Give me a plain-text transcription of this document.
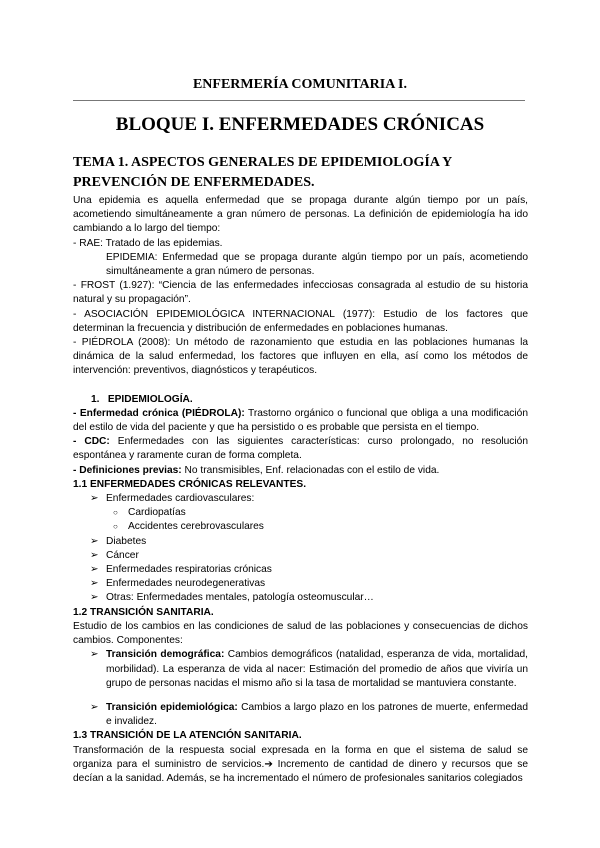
ENFERMERÍA COMUNITARIA I.
BLOQUE I. ENFERMEDADES CRÓNICAS
TEMA 1. ASPECTOS GENERALES DE EPIDEMIOLOGÍA Y PREVENCIÓN DE ENFERMEDADES.

Una epidemia es aquella enfermedad que se propaga durante algún tiempo por un país, acometiendo simultáneamente a gran número de personas. La definición de epidemiología ha ido cambiando a lo largo del tiempo:

- RAE: Tratado de las epidemias.

EPIDEMIA: Enfermedad que se propaga durante algún tiempo por un país, acometiendo simultáneamente a gran número de personas.

- FROST (1.927): “Ciencia de las enfermedades infecciosas consagrada al estudio de su historia natural y su propagación”.

- ASOCIACIÓN EPIDEMIOLÓGICA INTERNACIONAL (1977): Estudio de los factores que determinan la frecuencia y distribución de enfermedades en poblaciones humanas.

- PIÉDROLA (2008): Un método de razonamiento que estudia en las poblaciones humanas la dinámica de la salud enfermedad, los factores que influyen en ella, así como los métodos de intervención: preventivos, diagnósticos y terapéuticos.

1. EPIDEMIOLOGÍA.

- Enfermedad crónica (PIÉDROLA): Trastorno orgánico o funcional que obliga a una modificación del estilo de vida del paciente y que ha persistido o es probable que persista en el tiempo.

- CDC: Enfermedades con las siguientes características: curso prolongado, no resolución espontánea y raramente curan de forma completa.

- Definiciones previas: No transmisibles, Enf. relacionadas con el estilo de vida.

1.1 ENFERMEDADES CRÓNICAS RELEVANTES.
➢ Enfermedades cardiovasculares:
○ Cardiopatías
○ Accidentes cerebrovasculares
➢ Diabetes
➢ Cáncer
➢ Enfermedades respiratorias crónicas
➢ Enfermedades neurodegenerativas
➢ Otras: Enfermedades mentales, patología osteomuscular…
1.2 TRANSICIÓN SANITARIA.

Estudio de los cambios en las condiciones de salud de las poblaciones y consecuencias de dichos cambios. Componentes:

➢ Transición demográfica: Cambios demográficos (natalidad, esperanza de vida, mortalidad, morbilidad). La esperanza de vida al nacer: Estimación del promedio de años que viviría un grupo de personas nacidas el mismo año si la tasa de mortalidad se mantuviera constante.
➢ Transición epidemiológica: Cambios a largo plazo en los patrones de muerte, enfermedad e invalidez.
1.3 TRANSICIÓN DE LA ATENCIÓN SANITARIA.

Transformación de la respuesta social expresada en la forma en que el sistema de salud se organiza para el suministro de servicios.➔ Incremento de cantidad de dinero y recursos que se decían a la sanidad. Además, se ha incrementado el número de profesionales sanitarios colegiados
